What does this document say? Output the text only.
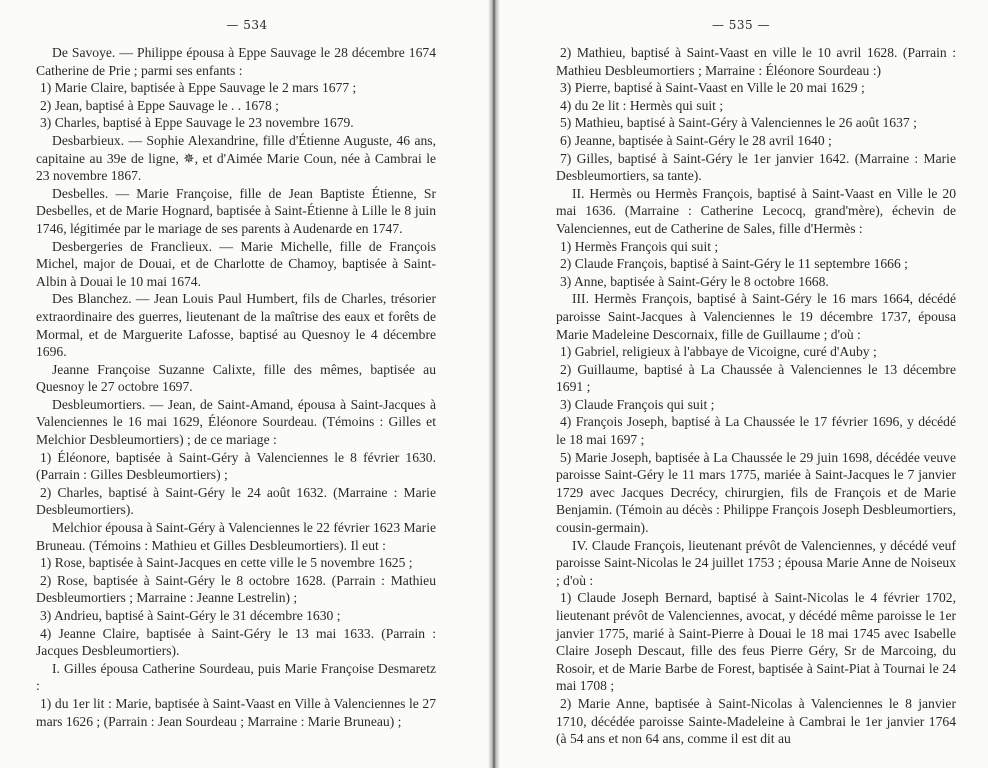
— 534

De Savoye. — Philippe épousa à Eppe Sauvage le 28 décembre 1674 Catherine de Prie ; parmi ses enfants :

1) Marie Claire, baptisée à Eppe Sauvage le 2 mars 1677 ;

2) Jean, baptisé à Eppe Sauvage le . . 1678 ;

3) Charles, baptisé à Eppe Sauvage le 23 novembre 1679.

Desbarbieux. — Sophie Alexandrine, fille d'Étienne Auguste, 46 ans, capitaine au 39e de ligne, ✵, et d'Aimée Marie Coun, née à Cambrai le 23 novembre 1867.

Desbelles. — Marie Françoise, fille de Jean Baptiste Étienne, Sr Desbelles, et de Marie Hognard, baptisée à Saint-Étienne à Lille le 8 juin 1746, légitimée par le mariage de ses parents à Audenarde en 1747.

Desbergeries de Franclieux. — Marie Michelle, fille de François Michel, major de Douai, et de Charlotte de Chamoy, baptisée à Saint-Albin à Douai le 10 mai 1674.

Des Blanchez. — Jean Louis Paul Humbert, fils de Charles, trésorier extraordinaire des guerres, lieutenant de la maîtrise des eaux et forêts de Mormal, et de Marguerite Lafosse, baptisé au Quesnoy le 4 décembre 1696.

Jeanne Françoise Suzanne Calixte, fille des mêmes, baptisée au Quesnoy le 27 octobre 1697.

Desbleumortiers. — Jean, de Saint-Amand, épousa à Saint-Jacques à Valenciennes le 16 mai 1629, Éléonore Sourdeau. (Témoins : Gilles et Melchior Desbleumortiers) ; de ce mariage :

1) Éléonore, baptisée à Saint-Géry à Valenciennes le 8 février 1630. (Parrain : Gilles Desbleumortiers) ;

2) Charles, baptisé à Saint-Géry le 24 août 1632. (Marraine : Marie Desbleumortiers).

Melchior épousa à Saint-Géry à Valenciennes le 22 février 1623 Marie Bruneau. (Témoins : Mathieu et Gilles Desbleumortiers). Il eut :

1) Rose, baptisée à Saint-Jacques en cette ville le 5 novembre 1625 ;

2) Rose, baptisée à Saint-Géry le 8 octobre 1628. (Parrain : Mathieu Desbleumortiers ; Marraine : Jeanne Lestrelin) ;

3) Andrieu, baptisé à Saint-Géry le 31 décembre 1630 ;

4) Jeanne Claire, baptisée à Saint-Géry le 13 mai 1633. (Parrain : Jacques Desbleumortiers).

I. Gilles épousa Catherine Sourdeau, puis Marie Françoise Desmaretz :

1) du 1er lit : Marie, baptisée à Saint-Vaast en Ville à Valenciennes le 27 mars 1626 ; (Parrain : Jean Sourdeau ; Marraine : Marie Bruneau) ;

— 535 —

2) Mathieu, baptisé à Saint-Vaast en ville le 10 avril 1628. (Parrain : Mathieu Desbleumortiers ; Marraine : Éléonore Sourdeau :)

3) Pierre, baptisé à Saint-Vaast en Ville le 20 mai 1629 ;

4) du 2e lit : Hermès qui suit ;

5) Mathieu, baptisé à Saint-Géry à Valenciennes le 26 août 1637 ;

6) Jeanne, baptisée à Saint-Géry le 28 avril 1640 ;

7) Gilles, baptisé à Saint-Géry le 1er janvier 1642. (Marraine : Marie Desbleumortiers, sa tante).

II. Hermès ou Hermès François, baptisé à Saint-Vaast en Ville le 20 mai 1636. (Marraine : Catherine Lecocq, grand'mère), échevin de Valenciennes, eut de Catherine de Sales, fille d'Hermès :

1) Hermès François qui suit ;

2) Claude François, baptisé à Saint-Géry le 11 septembre 1666 ;

3) Anne, baptisée à Saint-Géry le 8 octobre 1668.

III. Hermès François, baptisé à Saint-Géry le 16 mars 1664, décédé paroisse Saint-Jacques à Valenciennes le 19 décembre 1737, épousa Marie Madeleine Descornaix, fille de Guillaume ; d'où :

1) Gabriel, religieux à l'abbaye de Vicoigne, curé d'Auby ;

2) Guillaume, baptisé à La Chaussée à Valenciennes le 13 décembre 1691 ;

3) Claude François qui suit ;

4) François Joseph, baptisé à La Chaussée le 17 février 1696, y décédé le 18 mai 1697 ;

5) Marie Joseph, baptisée à La Chaussée le 29 juin 1698, décédée veuve paroisse Saint-Géry le 11 mars 1775, mariée à Saint-Jacques le 7 janvier 1729 avec Jacques Decrécy, chirurgien, fils de François et de Marie Benjamin. (Témoin au décès : Philippe François Joseph Desbleumortiers, cousin-germain).

IV. Claude François, lieutenant prévôt de Valenciennes, y décédé veuf paroisse Saint-Nicolas le 24 juillet 1753 ; épousa Marie Anne de Noiseux ; d'où :

1) Claude Joseph Bernard, baptisé à Saint-Nicolas le 4 février 1702, lieutenant prévôt de Valenciennes, avocat, y décédé même paroisse le 1er janvier 1775, marié à Saint-Pierre à Douai le 18 mai 1745 avec Isabelle Claire Joseph Descaut, fille des feus Pierre Géry, Sr de Marcoing, du Rosoir, et de Marie Barbe de Forest, baptisée à Saint-Piat à Tournai le 24 mai 1708 ;

2) Marie Anne, baptisée à Saint-Nicolas à Valenciennes le 8 janvier 1710, décédée paroisse Sainte-Madeleine à Cambrai le 1er janvier 1764 (à 54 ans et non 64 ans, comme il est dit au
